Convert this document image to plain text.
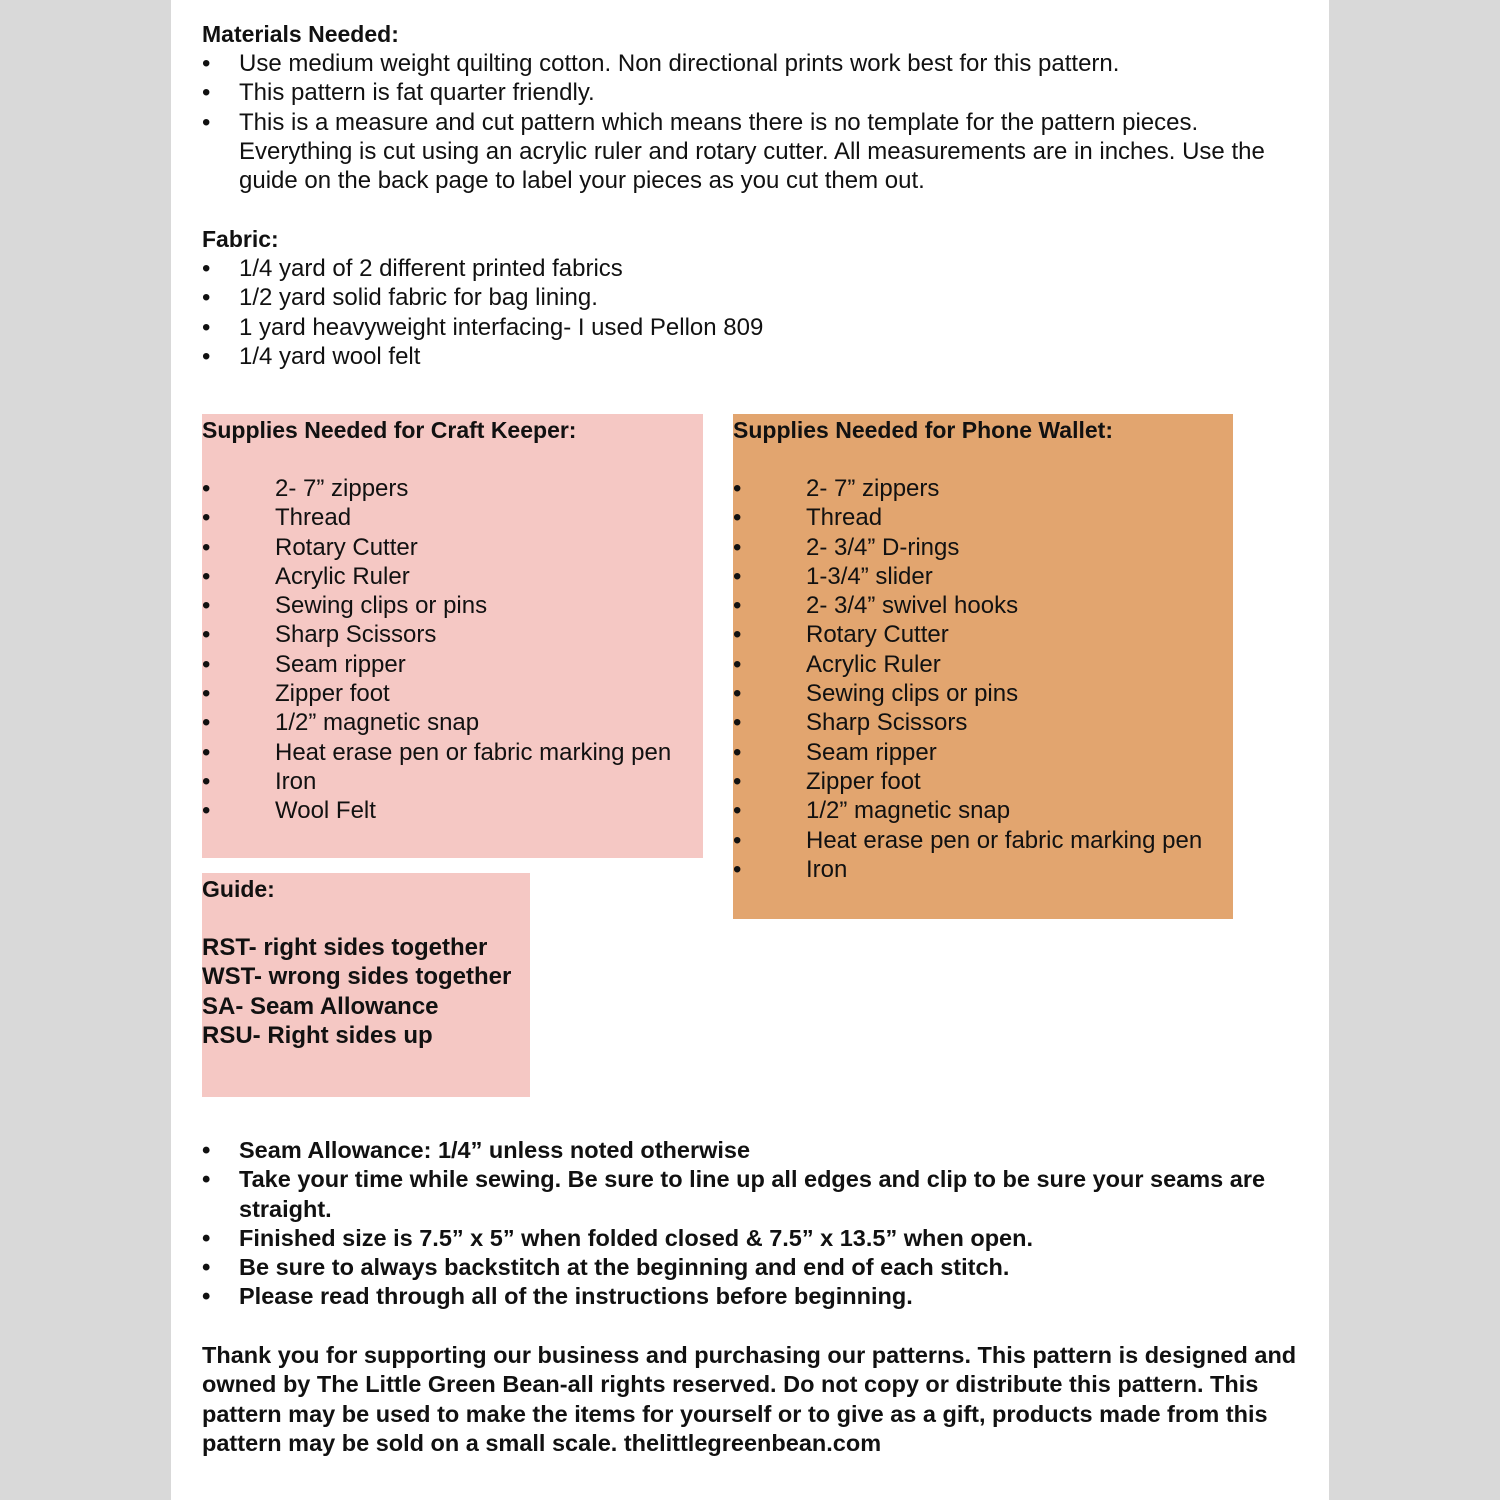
Materials Needed:

• Use medium weight quilting cotton. Non directional prints work best for this pattern.
• This pattern is fat quarter friendly.
• This is a measure and cut pattern which means there is no template for the pattern pieces. Everything is cut using an acrylic ruler and rotary cutter. All measurements are in inches. Use the guide on the back page to label your pieces as you cut them out.

Fabric:

• 1/4 yard of 2 different printed fabrics
• 1/2 yard solid fabric for bag lining.
• 1 yard heavyweight interfacing- I used Pellon 809
• 1/4 yard wool felt

Supplies Needed for Craft Keeper:

• 2- 7” zippers
• Thread
• Rotary Cutter
• Acrylic Ruler
• Sewing clips or pins
• Sharp Scissors
• Seam ripper
• Zipper foot
• 1/2” magnetic snap
• Heat erase pen or fabric marking pen
• Iron
• Wool Felt

Supplies Needed for Phone Wallet:

• 2- 7” zippers
• Thread
• 2- 3/4” D-rings
• 1-3/4” slider
• 2- 3/4” swivel hooks
• Rotary Cutter
• Acrylic Ruler
• Sewing clips or pins
• Sharp Scissors
• Seam ripper
• Zipper foot
• 1/2” magnetic snap
• Heat erase pen or fabric marking pen
• Iron

Guide:

RST- right sides together
WST- wrong sides together
SA- Seam Allowance
RSU- Right sides up
• Seam Allowance: 1/4” unless noted otherwise
• Take your time while sewing. Be sure to line up all edges and clip to be sure your seams are straight.
• Finished size is 7.5” x 5” when folded closed & 7.5” x 13.5” when open.
• Be sure to always backstitch at the beginning and end of each stitch.
• Please read through all of the instructions before beginning.

Thank you for supporting our business and purchasing our patterns. This pattern is designed and owned by The Little Green Bean-all rights reserved. Do not copy or distribute this pattern. This pattern may be used to make the items for yourself or to give as a gift, products made from this pattern may be sold on a small scale. thelittlegreenbean.com
